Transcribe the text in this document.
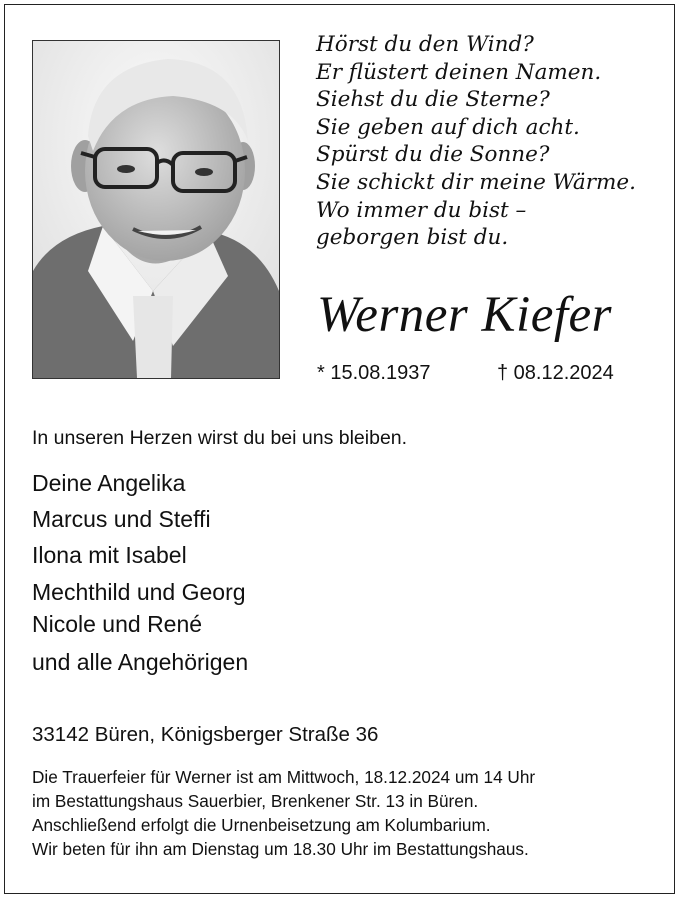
Hörst du den Wind?
Er flüstert deinen Namen.
Siehst du die Sterne?
Sie geben auf dich acht.
Spürst du die Sonne?
Sie schickt dir meine Wärme.
Wo immer du bist –
geborgen bist du.
Werner Kiefer
* 15.08.1937	† 08.12.2024
In unseren Herzen wirst du bei uns bleiben.
Deine Angelika
Marcus und Steffi
Ilona mit Isabel
Mechthild und Georg
Nicole und René
und alle Angehörigen
33142 Büren, Königsberger Straße 36
Die Trauerfeier für Werner ist am Mittwoch, 18.12.2024 um 14 Uhr
im Bestattungshaus Sauerbier, Brenkener Str. 13 in Büren.
Anschließend erfolgt die Urnenbeisetzung am Kolumbarium.
Wir beten für ihn am Dienstag um 18.30 Uhr im Bestattungshaus.
